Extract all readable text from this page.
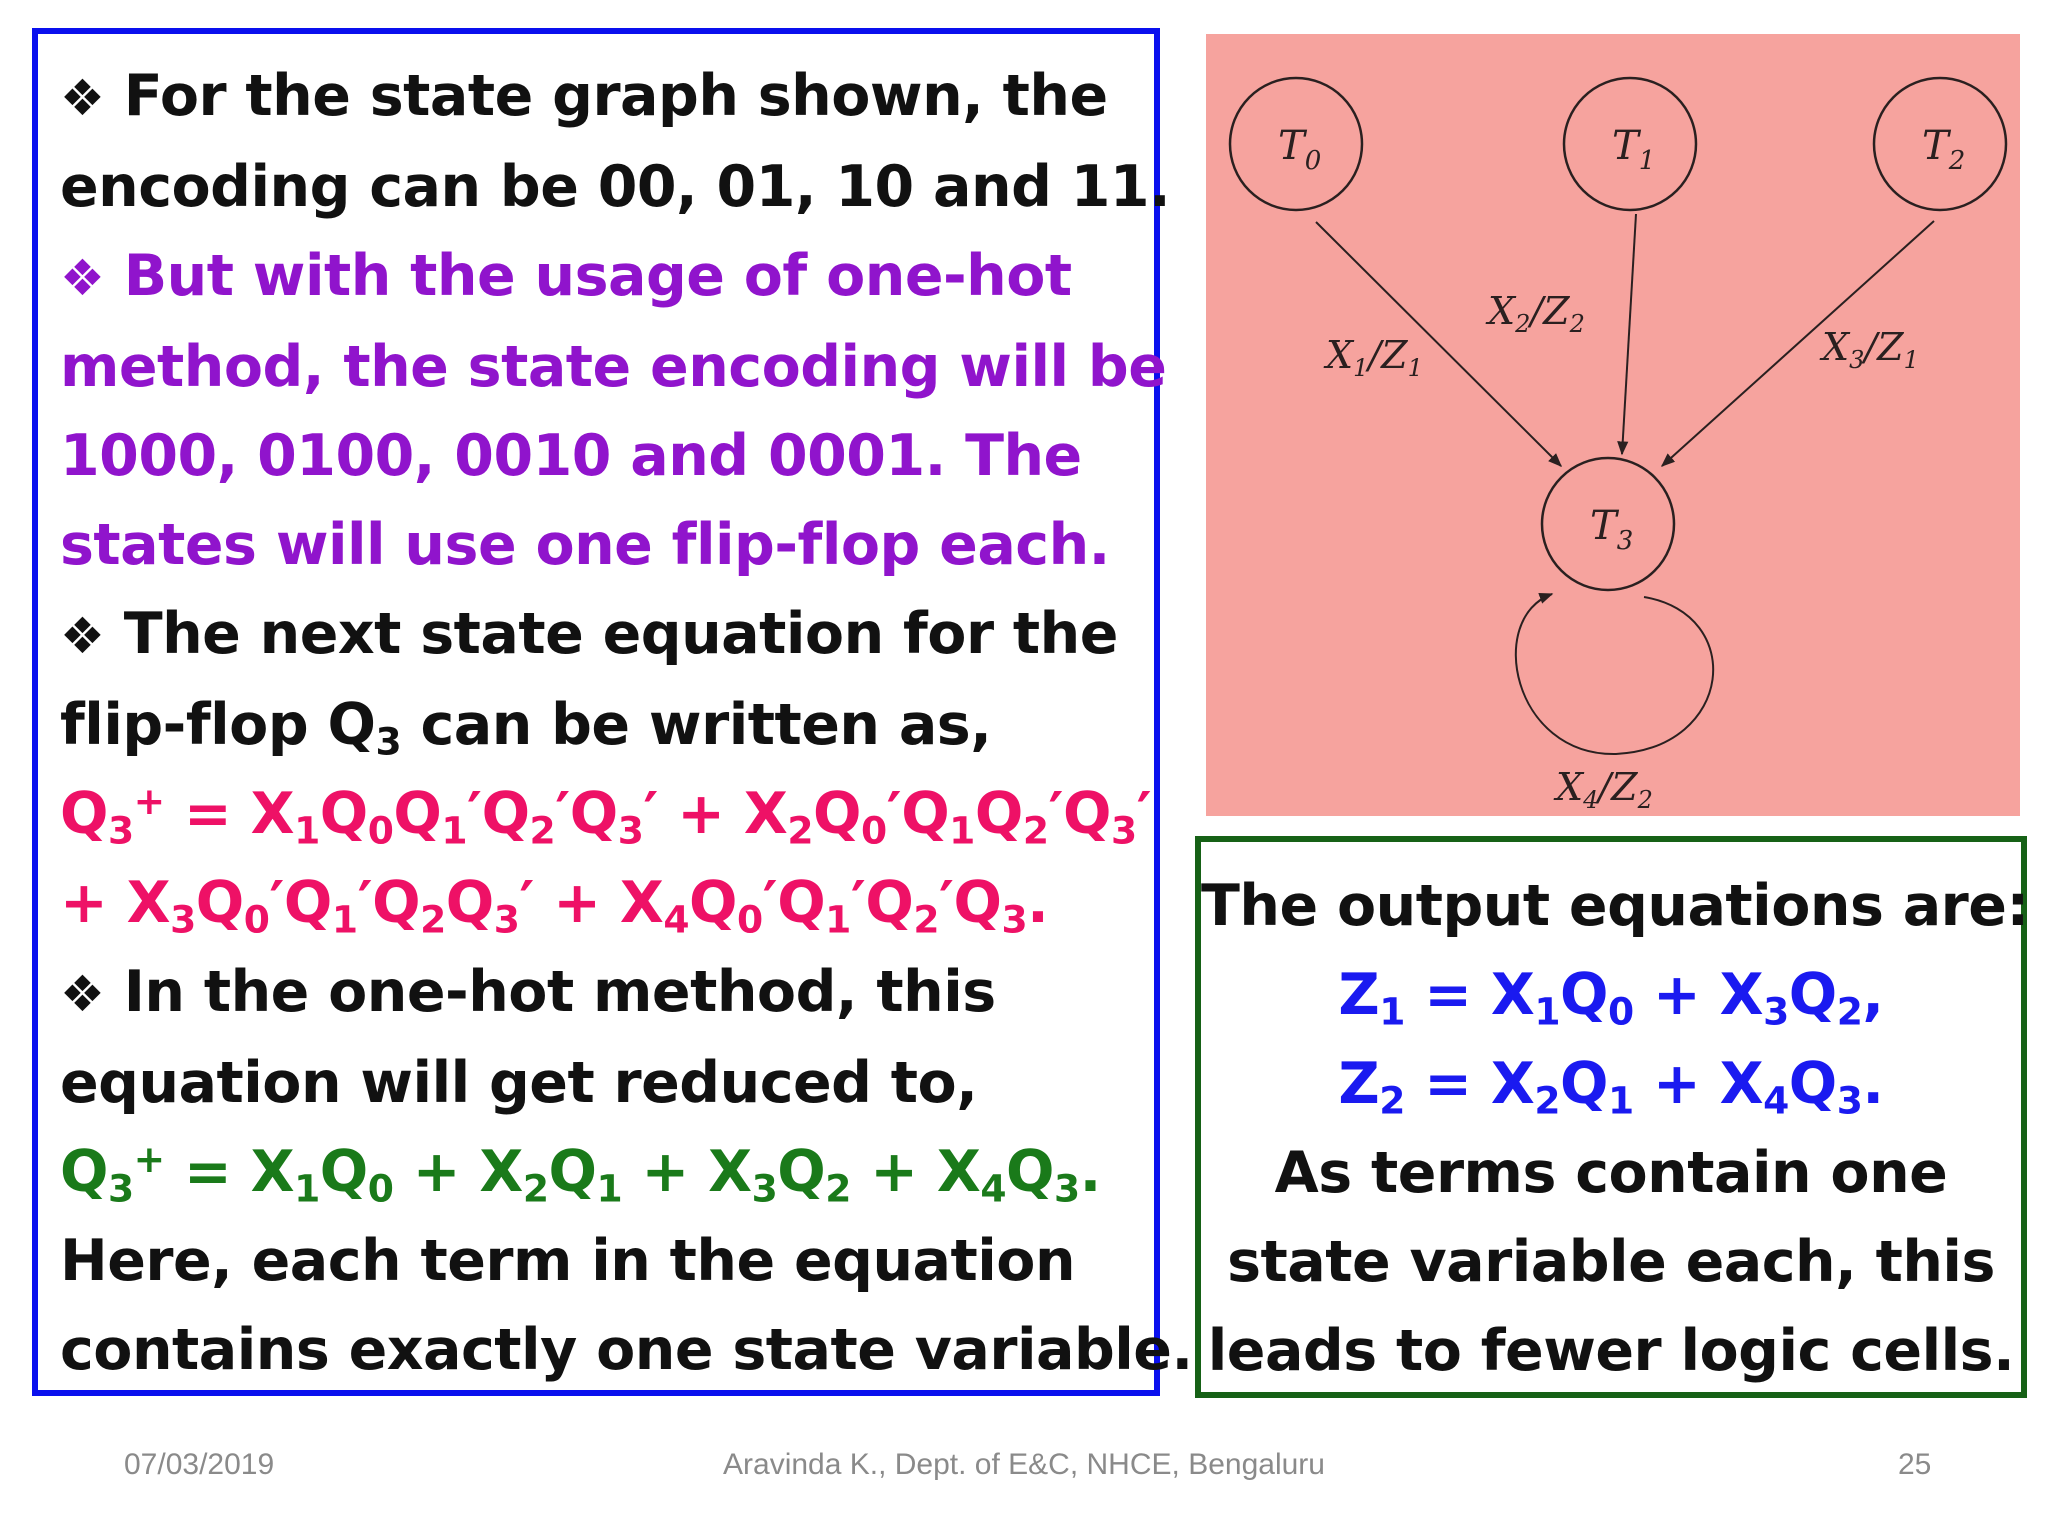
❖ For the state graph shown, the
encoding can be 00, 01, 10 and 11.
❖ But with the usage of one-hot
method, the state encoding will be
1000, 0100, 0010 and 0001. The
states will use one flip-flop each.
❖ The next state equation for the
flip-flop $Q_3$ can be written as,
$Q_3^+ = X_1Q_0Q_1'Q_2'Q_3' + X_2Q_0'Q_1Q_2'Q_3'$
+ $X_3Q_0'Q_1'Q_2Q_3' + X_4Q_0'Q_1'Q_2'Q_3$.
❖ In the one-hot method, this
equation will get reduced to,
$Q_3^+ = X_1Q_0 + X_2Q_1 + X_3Q_2 + X_4Q_3$.
Here, each term in the equation
contains exactly one state variable.
$T_0$	$T_1$	$T_2$
$T_3$
$X_1/Z_1$
$X_2/Z_2$
$X_3/Z_1$
$X_4/Z_2$
The output equations are:
$Z_1 = X_1Q_0 + X_3Q_2$,
$Z_2 = X_2Q_1 + X_4Q_3$.
As terms contain one
state variable each, this
leads to fewer logic cells.
07/03/2019	Aravinda K., Dept. of E&C, NHCE, Bengaluru	25
